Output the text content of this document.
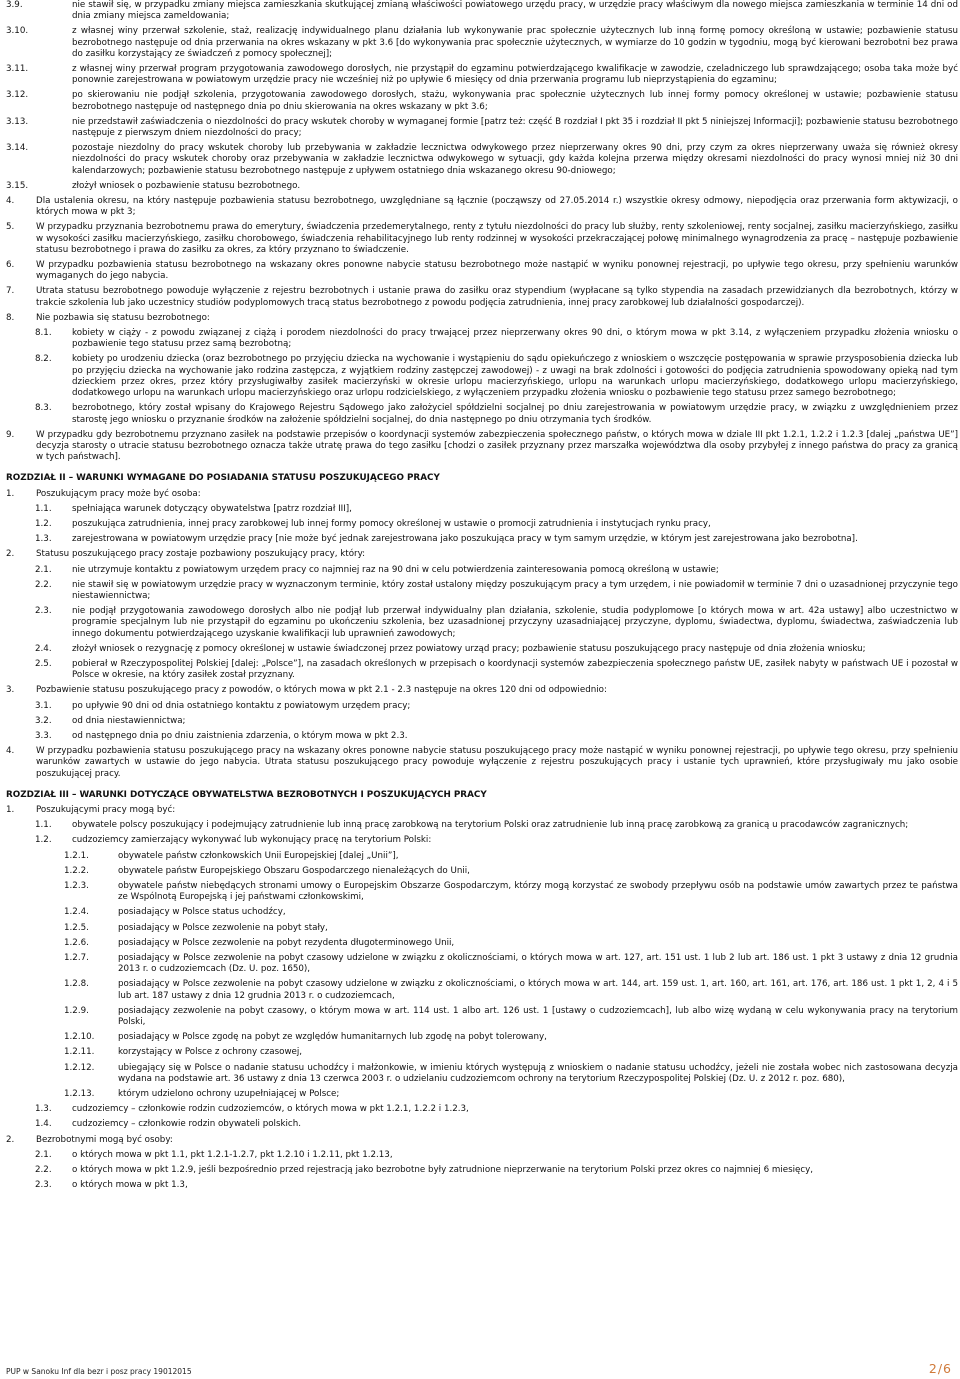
3.9.	nie stawił się, w przypadku zmiany miejsca zamieszkania skutkującej zmianą właściwości powiatowego urzędu pracy, w urzędzie pracy właściwym dla nowego miejsca zamieszkania w terminie 14 dni od dnia zmiany miejsca zameldowania;
3.10.	z własnej winy przerwał szkolenie, staż, realizację indywidualnego planu działania lub wykonywanie prac społecznie użytecznych lub inną formę pomocy określoną w ustawie; pozbawienie statusu bezrobotnego następuje od dnia przerwania na okres wskazany w pkt 3.6 [do wykonywania prac społecznie użytecznych, w wymiarze do 10 godzin w tygodniu, mogą być kierowani bezrobotni bez prawa do zasiłku korzystający ze świadczeń z pomocy społecznej];
3.11.	z własnej winy przerwał program przygotowania zawodowego dorosłych, nie przystąpił do egzaminu potwierdzającego kwalifikacje w zawodzie, czeladniczego lub sprawdzającego; osoba taka może być ponownie zarejestrowana w powiatowym urzędzie pracy nie wcześniej niż po upływie 6 miesięcy od dnia przerwania programu lub nieprzystąpienia do egzaminu;
3.12.	po skierowaniu nie podjął szkolenia, przygotowania zawodowego dorosłych, stażu, wykonywania prac społecznie użytecznych lub innej formy pomocy określonej w ustawie; pozbawienie statusu bezrobotnego następuje od następnego dnia po dniu skierowania na okres wskazany w pkt 3.6;
3.13.	nie przedstawił zaświadczenia o niezdolności do pracy wskutek choroby w wymaganej formie [patrz też: część B rozdział I pkt 35 i rozdział II pkt 5 niniejszej Informacji]; pozbawienie statusu bezrobotnego następuje z pierwszym dniem niezdolności do pracy;
3.14.	pozostaje niezdolny do pracy wskutek choroby lub przebywania w zakładzie lecznictwa odwykowego przez nieprzerwany okres 90 dni, przy czym za okres nieprzerwany uważa się również okresy niezdolności do pracy wskutek choroby oraz przebywania w zakładzie lecznictwa odwykowego w sytuacji, gdy każda kolejna przerwa między okresami niezdolności do pracy wynosi mniej niż 30 dni kalendarzowych; pozbawienie statusu bezrobotnego następuje z upływem ostatniego dnia wskazanego okresu 90-dniowego;
3.15.	złożył wniosek o pozbawienie statusu bezrobotnego.
4.	Dla ustalenia okresu, na który następuje pozbawienia statusu bezrobotnego, uwzględniane są łącznie (począwszy od 27.05.2014 r.) wszystkie okresy odmowy, niepodjęcia oraz przerwania form aktywizacji, o których mowa w pkt 3;
5.	W przypadku przyznania bezrobotnemu prawa do emerytury, świadczenia przedemerytalnego, renty z tytułu niezdolności do pracy lub służby, renty szkoleniowej, renty socjalnej, zasiłku macierzyńskiego, zasiłku w wysokości zasiłku macierzyńskiego, zasiłku chorobowego, świadczenia rehabilitacyjnego lub renty rodzinnej w wysokości przekraczającej połowę minimalnego wynagrodzenia za pracę – następuje pozbawienie statusu bezrobotnego i prawa do zasiłku za okres, za który przyznano to świadczenie.
6.	W przypadku pozbawienia statusu bezrobotnego na wskazany okres ponowne nabycie statusu bezrobotnego może nastąpić w wyniku ponownej rejestracji, po upływie tego okresu, przy spełnieniu warunków wymaganych do jego nabycia.
7.	Utrata statusu bezrobotnego powoduje wyłączenie z rejestru bezrobotnych i ustanie prawa do zasiłku oraz stypendium (wypłacane są tylko stypendia na zasadach przewidzianych dla bezrobotnych, którzy w trakcie szkolenia lub jako uczestnicy studiów podyplomowych tracą status bezrobotnego z powodu podjęcia zatrudnienia, innej pracy zarobkowej lub działalności gospodarczej).
8.	Nie pozbawia się statusu bezrobotnego:
8.1.	kobiety w ciąży - z powodu związanej z ciążą i porodem niezdolności do pracy trwającej przez nieprzerwany okres 90 dni, o którym mowa w pkt 3.14, z wyłączeniem przypadku złożenia wniosku o pozbawienie tego statusu przez samą bezrobotną;
8.2.	kobiety po urodzeniu dziecka (oraz bezrobotnego po przyjęciu dziecka na wychowanie i wystąpieniu do sądu opiekuńczego z wnioskiem o wszczęcie postępowania w sprawie przysposobienia dziecka lub po przyjęciu dziecka na wychowanie jako rodzina zastępcza, z wyjątkiem rodziny zastępczej zawodowej) - z uwagi na brak zdolności i gotowości do podjęcia zatrudnienia spowodowany opieką nad tym dzieckiem przez okres, przez który przysługiwałby zasiłek macierzyński w okresie urlopu macierzyńskiego, urlopu na warunkach urlopu macierzyńskiego, dodatkowego urlopu macierzyńskiego, dodatkowego urlopu na warunkach urlopu macierzyńskiego oraz urlopu rodzicielskiego, z wyłączeniem przypadku złożenia wniosku o pozbawienie tego statusu przez samego bezrobotnego;
8.3.	bezrobotnego, który został wpisany do Krajowego Rejestru Sądowego jako założyciel spółdzielni socjalnej po dniu zarejestrowania w powiatowym urzędzie pracy, w związku z uwzględnieniem przez starostę jego wniosku o przyznanie środków na założenie spółdzielni socjalnej, do dnia następnego po dniu otrzymania tych środków.
9.	W przypadku gdy bezrobotnemu przyznano zasiłek na podstawie przepisów o koordynacji systemów zabezpieczenia społecznego państw, o których mowa w dziale III pkt 1.2.1, 1.2.2 i 1.2.3 [dalej „państwa UE”] decyzja starosty o utracie statusu bezrobotnego oznacza także utratę prawa do tego zasiłku [chodzi o zasiłek przyznany przez marszałka województwa dla osoby przybyłej z innego państwa do pracy za granicą w tych państwach].
ROZDZIAŁ II – WARUNKI WYMAGANE DO POSIADANIA STATUSU POSZUKUJĄCEGO PRACY
1.	Poszukującym pracy może być osoba:
1.1.	spełniająca warunek dotyczący obywatelstwa [patrz rozdział III],
1.2.	poszukująca zatrudnienia, innej pracy zarobkowej lub innej formy pomocy określonej w ustawie o promocji zatrudnienia i instytucjach rynku pracy,
1.3.	zarejestrowana w powiatowym urzędzie pracy [nie może być jednak zarejestrowana jako poszukująca pracy w tym samym urzędzie, w którym jest zarejestrowana jako bezrobotna].
2.	Statusu poszukującego pracy zostaje pozbawiony poszukujący pracy, który:
2.1.	nie utrzymuje kontaktu z powiatowym urzędem pracy co najmniej raz na 90 dni w celu potwierdzenia zainteresowania pomocą określoną w ustawie;
2.2.	nie stawił się w powiatowym urzędzie pracy w wyznaczonym terminie, który został ustalony między poszukującym pracy a tym urzędem, i nie powiadomił w terminie 7 dni o uzasadnionej przyczynie tego niestawiennictwa;
2.3.	nie podjął przygotowania zawodowego dorosłych albo nie podjął lub przerwał indywidualny plan działania, szkolenie, studia podyplomowe [o których mowa w art. 42a ustawy] albo uczestnictwo w programie specjalnym lub nie przystąpił do egzaminu po ukończeniu szkolenia, bez uzasadnionej przyczyny uzasadniającej przyczyne, dyplomu, świadectwa, dyplomu, świadectwa, zaświadczenia lub innego dokumentu potwierdzającego uzyskanie kwalifikacji lub uprawnień zawodowych;
2.4.	złożył wniosek o rezygnację z pomocy określonej w ustawie świadczonej przez powiatowy urząd pracy; pozbawienie statusu poszukującego pracy następuje od dnia złożenia wniosku;
2.5.	pobierał w Rzeczypospolitej Polskiej [dalej: „Polsce”], na zasadach określonych w przepisach o koordynacji systemów zabezpieczenia społecznego państw UE, zasiłek nabyty w państwach UE i pozostał w Polsce w okresie, na który zasiłek został przyznany.
3.	Pozbawienie statusu poszukującego pracy z powodów, o których mowa w pkt 2.1 - 2.3 następuje na okres 120 dni od odpowiednio:
3.1.	po upływie 90 dni od dnia ostatniego kontaktu z powiatowym urzędem pracy;
3.2.	od dnia niestawiennictwa;
3.3.	od następnego dnia po dniu zaistnienia zdarzenia, o którym mowa w pkt 2.3.
4.	W przypadku pozbawienia statusu poszukującego pracy na wskazany okres ponowne nabycie statusu poszukującego pracy może nastąpić w wyniku ponownej rejestracji, po upływie tego okresu, przy spełnieniu warunków zawartych w ustawie do jego nabycia. Utrata statusu poszukującego pracy powoduje wyłączenie z rejestru poszukujących pracy i ustanie tych uprawnień, które przysługiwały mu jako osobie poszukującej pracy.
ROZDZIAŁ III – WARUNKI DOTYCZĄCE OBYWATELSTWA BEZROBOTNYCH I POSZUKUJĄCYCH PRACY
1.	Poszukującymi pracy mogą być:
1.1.	obywatele polscy poszukujący i podejmujący zatrudnienie lub inną pracę zarobkową na terytorium Polski oraz zatrudnienie lub inną pracę zarobkową za granicą u pracodawców zagranicznych;
1.2.	cudzoziemcy zamierzający wykonywać lub wykonujący pracę na terytorium Polski:
1.2.1.	obywatele państw członkowskich Unii Europejskiej [dalej „Unii”],
1.2.2.	obywatele państw Europejskiego Obszaru Gospodarczego nienależących do Unii,
1.2.3.	obywatele państw niebędących stronami umowy o Europejskim Obszarze Gospodarczym, którzy mogą korzystać ze swobody przepływu osób na podstawie umów zawartych przez te państwa ze Wspólnotą Europejską i jej państwami członkowskimi,
1.2.4.	posiadający w Polsce status uchodźcy,
1.2.5.	posiadający w Polsce zezwolenie na pobyt stały,
1.2.6.	posiadający w Polsce zezwolenie na pobyt rezydenta długoterminowego Unii,
1.2.7.	posiadający w Polsce zezwolenie na pobyt czasowy udzielone w związku z okolicznościami, o których mowa w art. 127, art. 151 ust. 1 lub 2 lub art. 186 ust. 1 pkt 3 ustawy z dnia 12 grudnia 2013 r. o cudzoziemcach (Dz. U. poz. 1650),
1.2.8.	posiadający w Polsce zezwolenie na pobyt czasowy udzielone w związku z okolicznościami, o których mowa w art. 144, art. 159 ust. 1, art. 160, art. 161, art. 176, art. 186 ust. 1 pkt 1, 2, 4 i 5 lub art. 187 ustawy z dnia 12 grudnia 2013 r. o cudzoziemcach,
1.2.9.	posiadający zezwolenie na pobyt czasowy, o którym mowa w art. 114 ust. 1 albo art. 126 ust. 1 [ustawy o cudzoziemcach], lub albo wizę wydaną w celu wykonywania pracy na terytorium Polski,
1.2.10.	posiadający w Polsce zgodę na pobyt ze względów humanitarnych lub zgodę na pobyt tolerowany,
1.2.11.	korzystający w Polsce z ochrony czasowej,
1.2.12.	ubiegający się w Polsce o nadanie statusu uchodźcy i małżonkowie, w imieniu których występują z wnioskiem o nadanie statusu uchodźcy, jeżeli nie została wobec nich zastosowana decyzja wydana na podstawie art. 36 ustawy z dnia 13 czerwca 2003 r. o udzielaniu cudzoziemcom ochrony na terytorium Rzeczypospolitej Polskiej (Dz. U. z 2012 r. poz. 680),
1.2.13.	którym udzielono ochrony uzupełniającej w Polsce;
1.3.	cudzoziemcy – członkowie rodzin cudzoziemców, o których mowa w pkt 1.2.1, 1.2.2 i 1.2.3,
1.4.	cudzoziemcy – członkowie rodzin obywateli polskich.
2.	Bezrobotnymi mogą być osoby:
2.1.	o których mowa w pkt 1.1, pkt 1.2.1-1.2.7, pkt 1.2.10 i 1.2.11, pkt 1.2.13,
2.2.	o których mowa w pkt 1.2.9, jeśli bezpośrednio przed rejestracją jako bezrobotne były zatrudnione nieprzerwanie na terytorium Polski przez okres co najmniej 6 miesięcy,
2.3.	o których mowa w pkt 1.3,
PUP w Sanoku Inf dla bezr i posz pracy 19012015	2/6
